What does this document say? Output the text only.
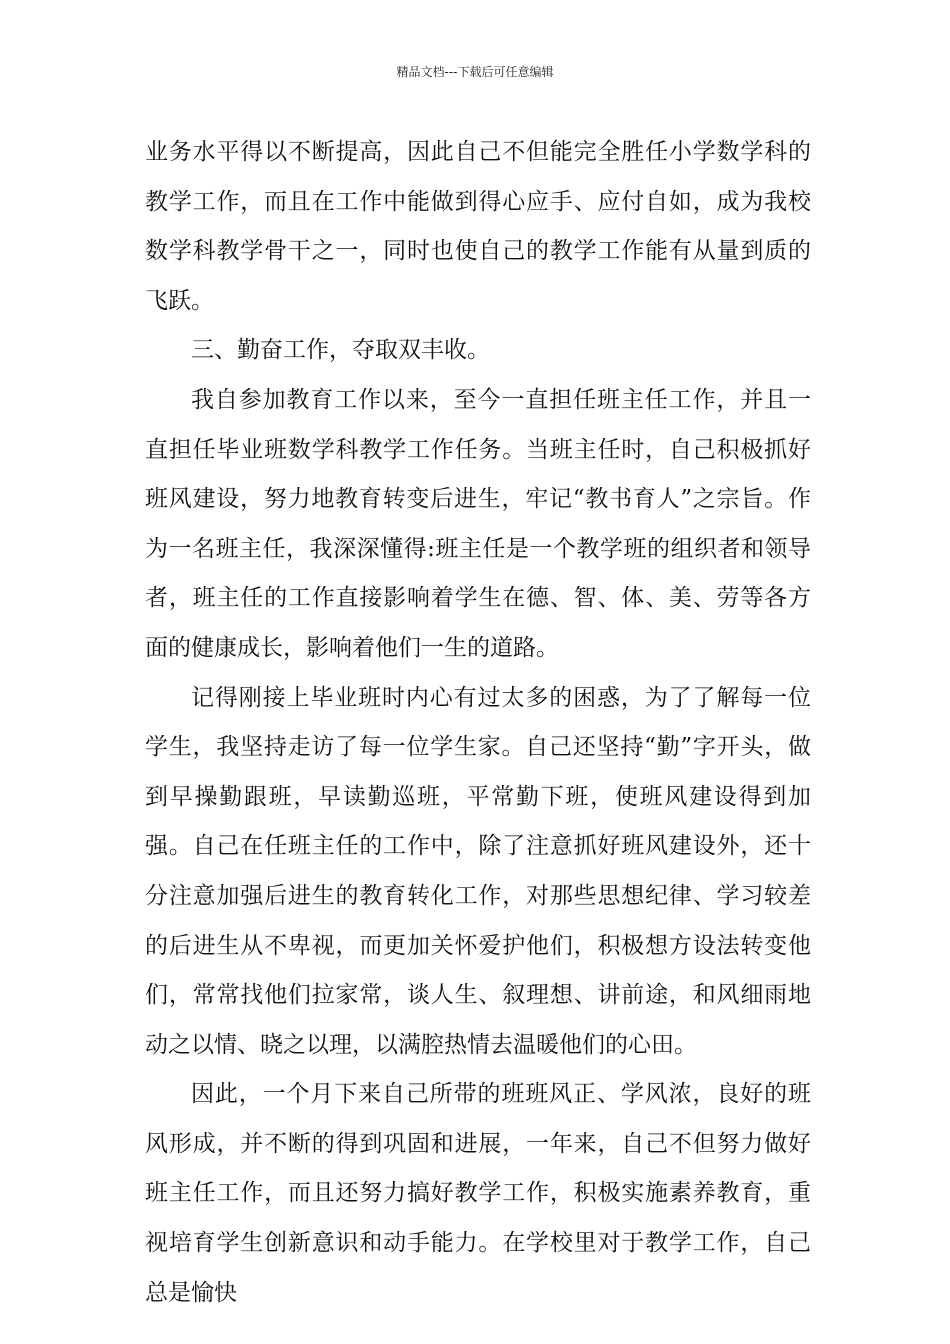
精品文档---下载后可任意编辑

业务水平得以不断提高，因此自己不但能完全胜任小学数学科的教学工作，而且在工作中能做到得心应手、应付自如，成为我校数学科教学骨干之一，同时也使自己的教学工作能有从量到质的飞跃。

三、勤奋工作，夺取双丰收。

我自参加教育工作以来，至今一直担任班主任工作，并且一直担任毕业班数学科教学工作任务。当班主任时，自己积极抓好班风建设，努力地教育转变后进生，牢记“教书育人”之宗旨。作为一名班主任，我深深懂得:班主任是一个教学班的组织者和领导者，班主任的工作直接影响着学生在德、智、体、美、劳等各方面的健康成长，影响着他们一生的道路。

记得刚接上毕业班时内心有过太多的困惑，为了了解每一位学生，我坚持走访了每一位学生家。自己还坚持“勤”字开头，做到早操勤跟班，早读勤巡班，平常勤下班，使班风建设得到加强。自己在任班主任的工作中，除了注意抓好班风建设外，还十分注意加强后进生的教育转化工作，对那些思想纪律、学习较差的后进生从不卑视，而更加关怀爱护他们，积极想方设法转变他们，常常找他们拉家常，谈人生、叙理想、讲前途，和风细雨地动之以情、晓之以理，以满腔热情去温暖他们的心田。

因此，一个月下来自己所带的班班风正、学风浓，良好的班风形成，并不断的得到巩固和进展，一年来，自己不但努力做好班主任工作，而且还努力搞好教学工作，积极实施素养教育，重视培育学生创新意识和动手能力。在学校里对于教学工作，自己总是愉快
